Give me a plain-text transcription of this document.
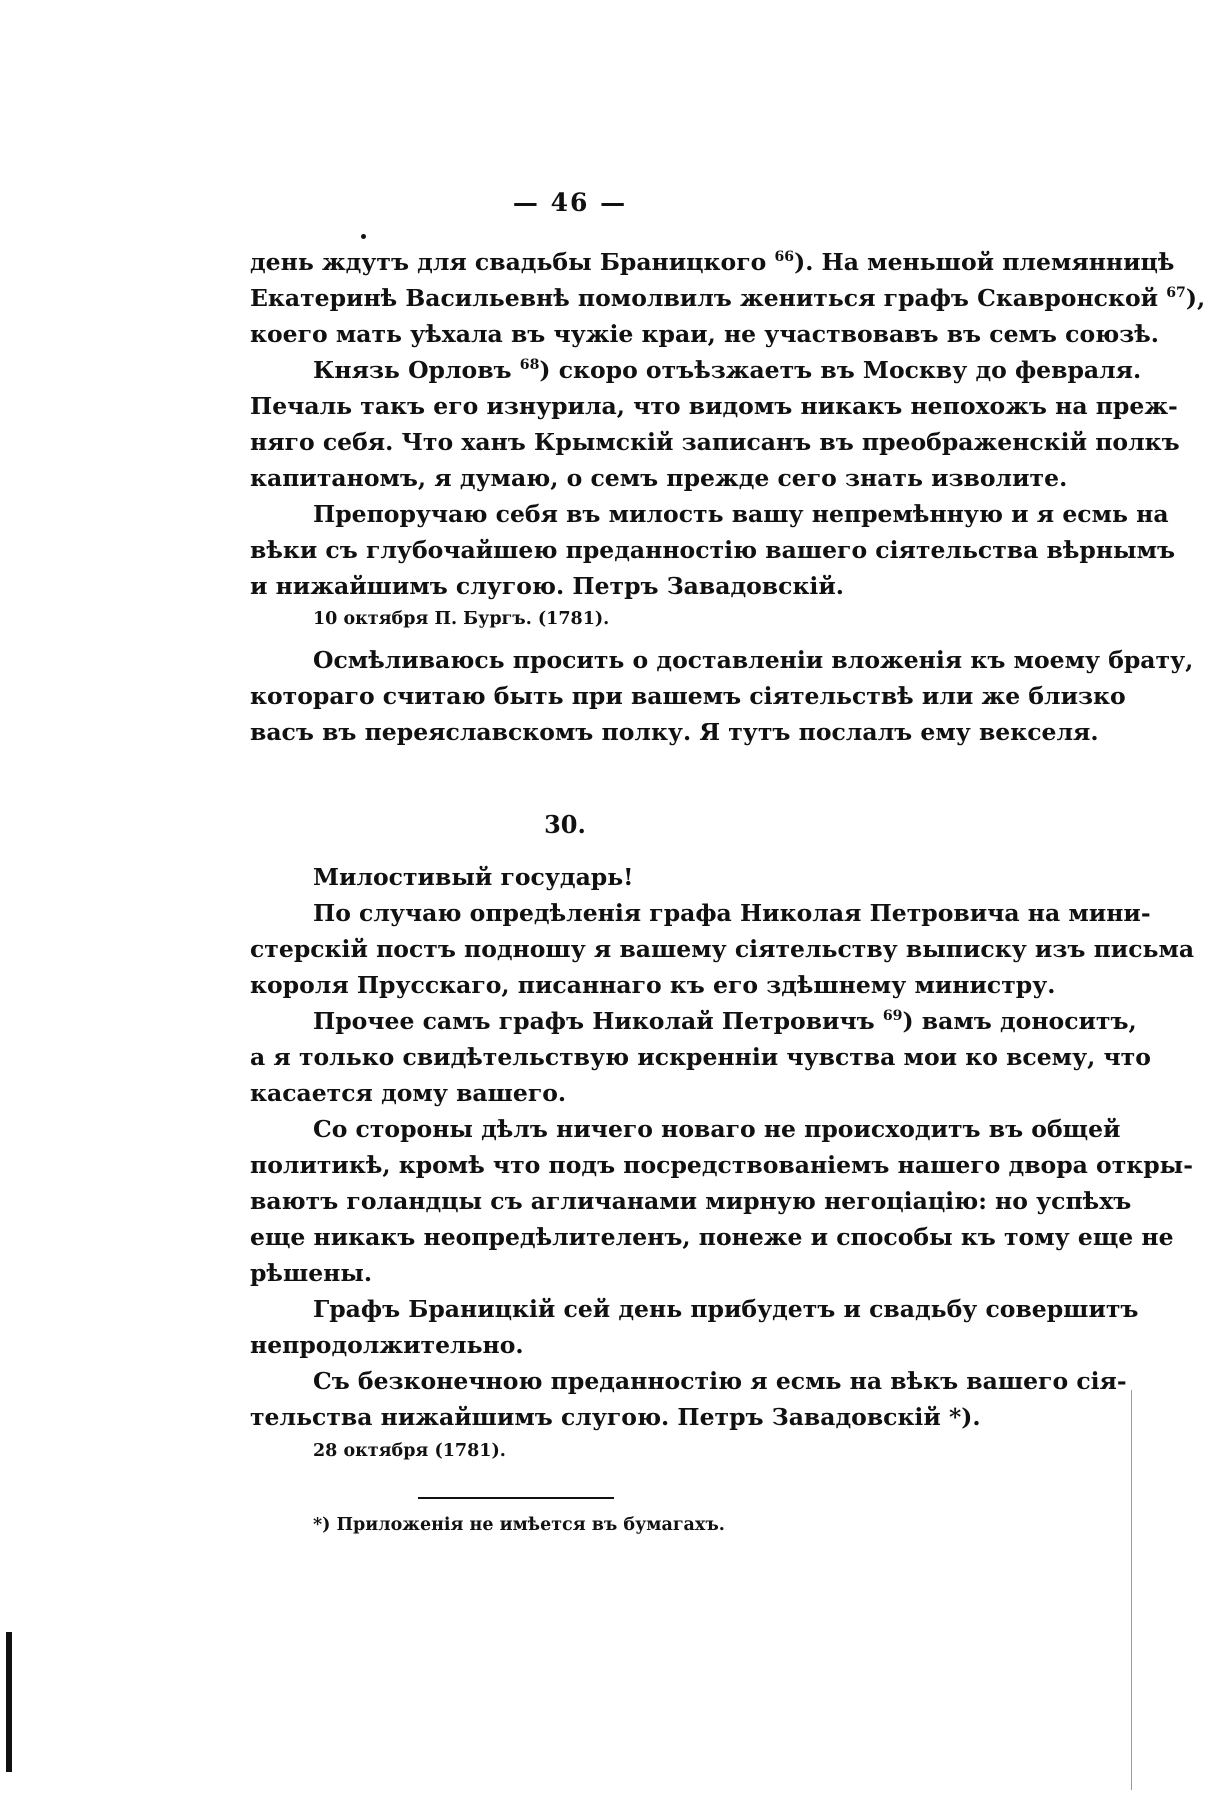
— 46 —

день ждутъ для свадьбы Браницкого $^{66}$). На меньшой племянницѣ

Екатеринѣ Васильевнѣ помолвилъ жениться графъ Скавронской $^{67}$),

коего мать уѣхала въ чужіе краи, не участвовавъ въ семъ союзѣ.

Князь Орловъ $^{68}$) скоро отъѣзжаетъ въ Москву до февраля.

Печаль такъ его изнурила, что видомъ никакъ непохожъ на преж-

няго себя. Что ханъ Крымскій записанъ въ преображенскій полкъ

капитаномъ, я думаю, о семъ прежде сего знать изволите.

Препоручаю себя въ милость вашу непремѣнную и я есмь на

вѣки съ глубочайшею преданностію вашего сіятельства вѣрнымъ

и нижайшимъ слугою. Петръ Завадовскій.

10 октября П. Бургъ. (1781).

Осмѣливаюсь просить о доставленіи вложенія къ моему брату,

котораго считаю быть при вашемъ сіятельствѣ или же близко

васъ въ переяславскомъ полку. Я тутъ послалъ ему векселя.

30.

Милостивый государь!

По случаю опредѣленія графа Николая Петровича на мини-

стерскій постъ подношу я вашему сіятельству выписку изъ письма

короля Прусскаго, писаннаго къ его здѣшнему министру.

Прочее самъ графъ Николай Петровичъ $^{69}$) вамъ доноситъ,

а я только свидѣтельствую искренніи чувства мои ко всему, что

касается дому вашего.

Со стороны дѣлъ ничего новаго не происходитъ въ общей

политикѣ, кромѣ что подъ посредствованіемъ нашего двора откры-

ваютъ голандцы съ агличанами мирную негоціацію: но успѣхъ

еще никакъ неопредѣлителенъ, понеже и способы къ тому еще не

рѣшены.

Графъ Браницкій сей день прибудетъ и свадьбу совершитъ

непродолжительно.

Съ безконечною преданностію я есмь на вѣкъ вашего сія-

тельства нижайшимъ слугою. Петръ Завадовскій *).

28 октября (1781).

*) Приложенія не имѣется въ бумагахъ.
